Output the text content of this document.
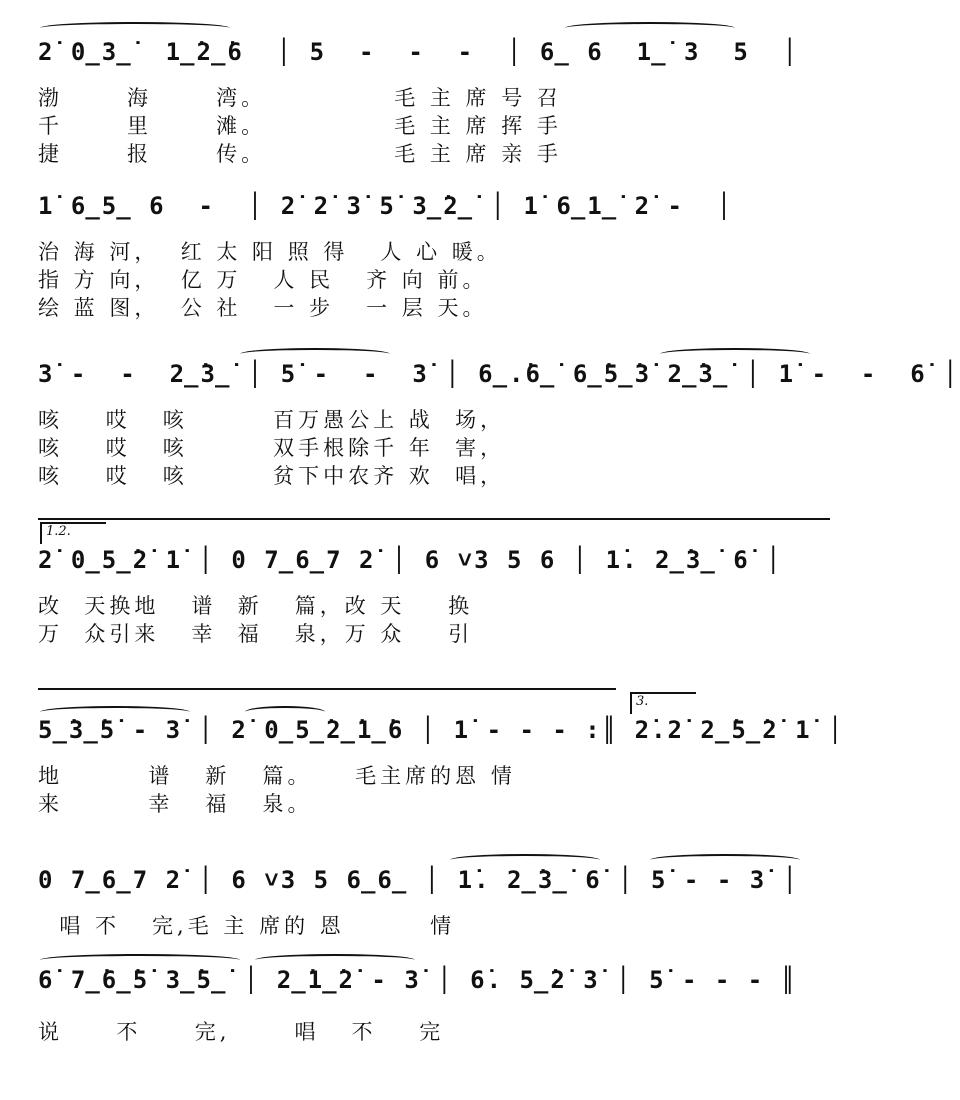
2̇ 0̲3̲̇  1̲̇2̲̇6  │ 5  -  -  -  │ 6̲ 6  1̲̇ 3  5  │
渤      海      湾。            毛 主 席 号 召
千      里      滩。            毛 主 席 挥 手
捷      报      传。            毛 主 席 亲 手
1̇ 6̲5̲ 6  -  │ 2̇ 2̇ 3̇ 5̇ 3̲̇2̲̇ │ 1̇ 6̲1̲̇ 2̇ -  │
治 海 河，  红 太 阳 照 得   人 心 暖。
指 方 向，  亿 万   人 民   齐 向 前。
绘 蓝 图，  公 社   一 步   一 层 天。
3̇ -  -  2̲̇3̲̇ │ 5̇ -  -  3̇ │ 6̲.̇6̲̇ 6̲̇5̲̇3̇ 2̲̇3̲̇ │ 1̇ -  -  6̇ │
咳    哎   咳        百万愚公上 战  场，
咳    哎   咳        双手根除千 年  害，
咳    哎   咳        贫下中农齐 欢  唱，
1.2.
2̇ 0̲5̲̇2̇ 1̇ │ 0 7̲6̲7 2̇ │ 6 ˅3 5 6 │ 1̇. 2̲̇3̲̇ 6̇ │
改  天换地   谱  新   篇，改 天    换
万  众引来   幸  福   泉，万 众    引
3.
5̲̇3̲̇5̇ - 3̇ │ 2̇ 0̲5̲̇2̲̇1̲̇6 │ 1̇ - - - :║ 2̇.2̇ 2̲̇5̲̇2̇ 1̇ │
地        谱   新   篇。    毛主席的恩 情
来        幸   福   泉。
0 7̲6̲7 2̇ │ 6 ˅3 5 6̲6̲ │ 1̇. 2̲̇3̲̇ 6̇ │ 5̇ - - 3̇ │
唱 不   完,毛 主 席的 恩        情
6̇ 7̲̇6̲̇5̇ 3̲̇5̲̇ │ 2̲̇1̲̇2̇ - 3̇ │ 6̇. 5̲̇2̇ 3̇ │ 5̇ - - - ║
说     不     完,      唱   不    完
